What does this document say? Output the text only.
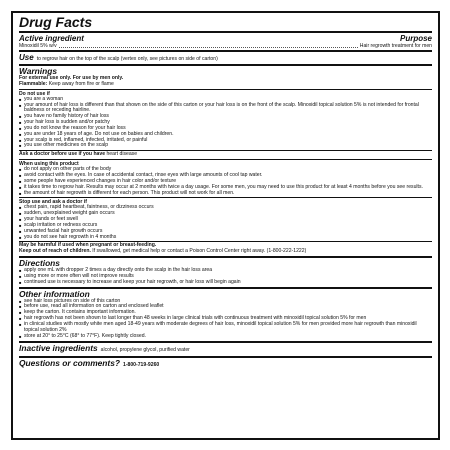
Drug Facts
Active ingredient	Purpose
Minoxidil 5% w/v	Hair regrowth treatment for men
Use to regrow hair on the top of the scalp (vertex only, see pictures on side of carton)
Warnings

For external use only. For use by men only.

Flammable: Keep away from fire or flame

Do not use if
■ you are a woman
■ your amount of hair loss is different than that shown on the side of this carton or your hair loss is on the front of the scalp. Minoxidil topical solution 5% is not intended for frontal baldness or receding hairline.
■ you have no family history of hair loss
■ your hair loss is sudden and/or patchy
■ you do not know the reason for your hair loss
■ you are under 18 years of age. Do not use on babies and children.
■ your scalp is red, inflamed, infected, irritated, or painful
■ you use other medicines on the scalp

Ask a doctor before use if you have heart disease

When using this product
■ do not apply on other parts of the body
■ avoid contact with the eyes. In case of accidental contact, rinse eyes with large amounts of cool tap water.
■ some people have experienced changes in hair color and/or texture
■ it takes time to regrow hair. Results may occur at 2 months with twice a day usage. For some men, you may need to use this product for at least 4 months before you see results.
■ the amount of hair regrowth is different for each person. This product will not work for all men.
Stop use and ask a doctor if
■ chest pain, rapid heartbeat, faintness, or dizziness occurs
■ sudden, unexplained weight gain occurs
■ your hands or feet swell
■ scalp irritation or redness occurs
■ unwanted facial hair growth occurs
■ you do not see hair regrowth in 4 months

May be harmful if used when pregnant or breast-feeding.

Keep out of reach of children. If swallowed, get medical help or contact a Poison Control Center right away. (1-800-222-1222)

Directions
■ apply one mL with dropper 2 times a day directly onto the scalp in the hair loss area
■ using more or more often will not improve results
■ continued use is necessary to increase and keep your hair regrowth, or hair loss will begin again
Other information
■ see hair loss pictures on side of this carton
■ before use, read all information on carton and enclosed leaflet
■ keep the carton. It contains important information.
■ hair regrowth has not been shown to last longer than 48 weeks in large clinical trials with continuous treatment with minoxidil topical solution 5% for men
■ in clinical studies with mostly white men aged 18-49 years with moderate degrees of hair loss, minoxidil topical solution 5% for men provided more hair regrowth than minoxidil topical solution 2%
■ store at 20° to 25°C (68° to 77°F). Keep tightly closed.
Inactive ingredients alcohol, propylene glycol, purified water
Questions or comments? 1-800-719-9260
